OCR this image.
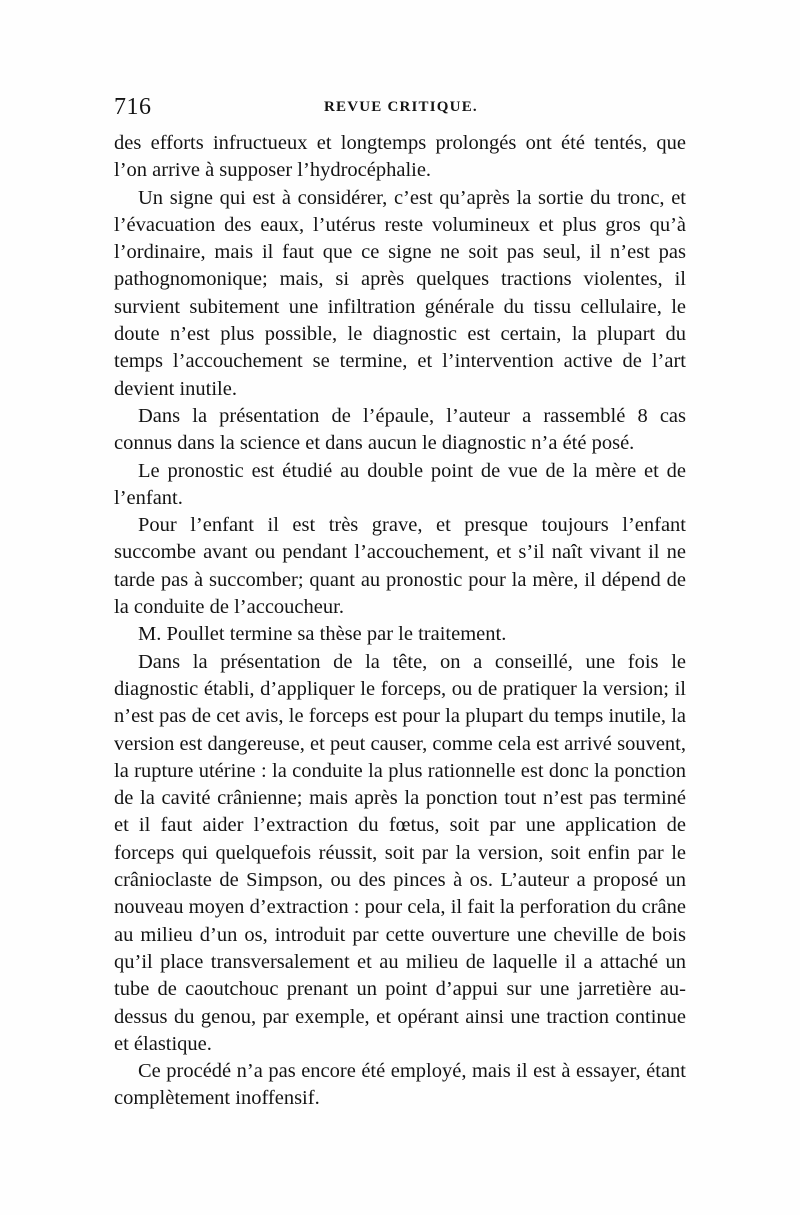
716	REVUE CRITIQUE.

des efforts infructueux et longtemps prolongés ont été tentés, que l’on arrive à supposer l’hydrocéphalie.

Un signe qui est à considérer, c’est qu’après la sortie du tronc, et l’évacuation des eaux, l’utérus reste volumineux et plus gros qu’à l’ordinaire, mais il faut que ce signe ne soit pas seul, il n’est pas pathognomonique; mais, si après quelques tractions violentes, il survient subitement une infiltration générale du tissu cellulaire, le doute n’est plus possible, le diagnostic est certain, la plupart du temps l’accouchement se termine, et l’intervention active de l’art devient inutile.

Dans la présentation de l’épaule, l’auteur a rassemblé 8 cas connus dans la science et dans aucun le diagnostic n’a été posé.

Le pronostic est étudié au double point de vue de la mère et de l’enfant.

Pour l’enfant il est très grave, et presque toujours l’enfant succombe avant ou pendant l’accouchement, et s’il naît vivant il ne tarde pas à succomber; quant au pronostic pour la mère, il dépend de la conduite de l’accoucheur.

M. Poullet termine sa thèse par le traitement.

Dans la présentation de la tête, on a conseillé, une fois le diagnostic établi, d’appliquer le forceps, ou de pratiquer la version; il n’est pas de cet avis, le forceps est pour la plupart du temps inutile, la version est dangereuse, et peut causer, comme cela est arrivé souvent, la rupture utérine : la conduite la plus rationnelle est donc la ponction de la cavité crânienne; mais après la ponction tout n’est pas terminé et il faut aider l’extraction du fœtus, soit par une application de forceps qui quelquefois réussit, soit par la version, soit enfin par le crânioclaste de Simpson, ou des pinces à os. L’auteur a proposé un nouveau moyen d’extraction : pour cela, il fait la perforation du crâne au milieu d’un os, introduit par cette ouverture une cheville de bois qu’il place transversalement et au milieu de laquelle il a attaché un tube de caoutchouc prenant un point d’appui sur une jarretière au-dessus du genou, par exemple, et opérant ainsi une traction continue et élastique.

Ce procédé n’a pas encore été employé, mais il est à essayer, étant complètement inoffensif.
